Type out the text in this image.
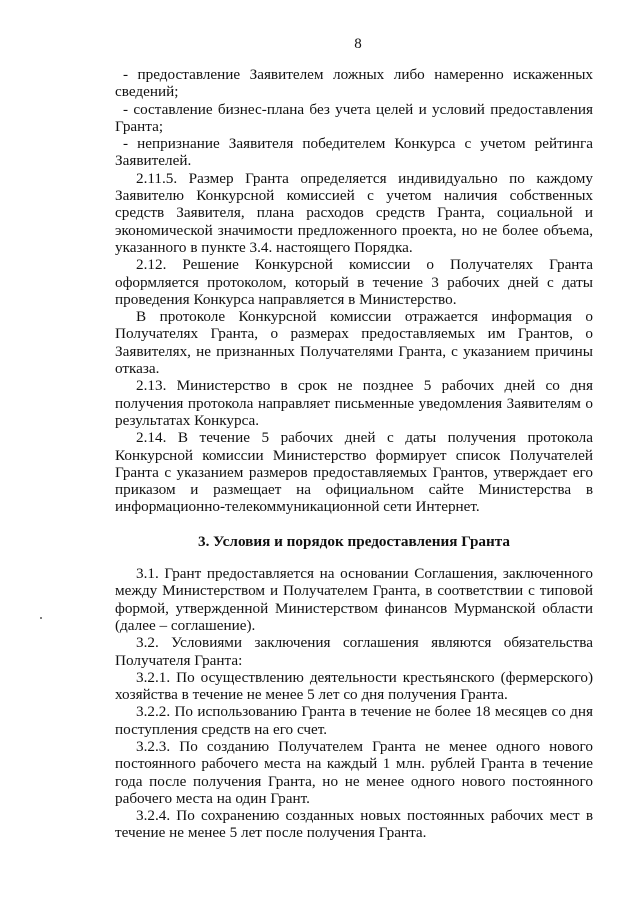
8

- предоставление Заявителем ложных либо намеренно искаженных сведений;

- составление бизнес-плана без учета целей и условий предоставления Гранта;

- непризнание Заявителя победителем Конкурса с учетом рейтинга Заявителей.

2.11.5. Размер Гранта определяется индивидуально по каждому Заявителю Конкурсной комиссией с учетом наличия собственных средств Заявителя, плана расходов средств Гранта, социальной и экономической значимости предложенного проекта, но не более объема, указанного в пункте 3.4. настоящего Порядка.

2.12. Решение Конкурсной комиссии о Получателях Гранта оформляется протоколом, который в течение 3 рабочих дней с даты проведения Конкурса направляется в Министерство.

В протоколе Конкурсной комиссии отражается информация о Получателях Гранта, о размерах предоставляемых им Грантов, о Заявителях, не признанных Получателями Гранта, с указанием причины отказа.

2.13. Министерство в срок не позднее 5 рабочих дней со дня получения протокола направляет письменные уведомления Заявителям о результатах Конкурса.

2.14. В течение 5 рабочих дней с даты получения протокола Конкурсной комиссии Министерство формирует список Получателей Гранта с указанием размеров предоставляемых Грантов, утверждает его приказом и размещает на официальном сайте Министерства в информационно-телекоммуникационной сети Интернет.

3. Условия и порядок предоставления Гранта

3.1. Грант предоставляется на основании Соглашения, заключенного между Министерством и Получателем Гранта, в соответствии с типовой формой, утвержденной Министерством финансов Мурманской области (далее – соглашение).

3.2. Условиями заключения соглашения являются обязательства Получателя Гранта:

3.2.1. По осуществлению деятельности крестьянского (фермерского) хозяйства в течение не менее 5 лет со дня получения Гранта.

3.2.2. По использованию Гранта в течение не более 18 месяцев со дня поступления средств на его счет.

3.2.3. По созданию Получателем Гранта не менее одного нового постоянного рабочего места на каждый 1 млн. рублей Гранта в течение года после получения Гранта, но не менее одного нового постоянного рабочего места на один Грант.

3.2.4. По сохранению созданных новых постоянных рабочих мест в течение не менее 5 лет после получения Гранта.
